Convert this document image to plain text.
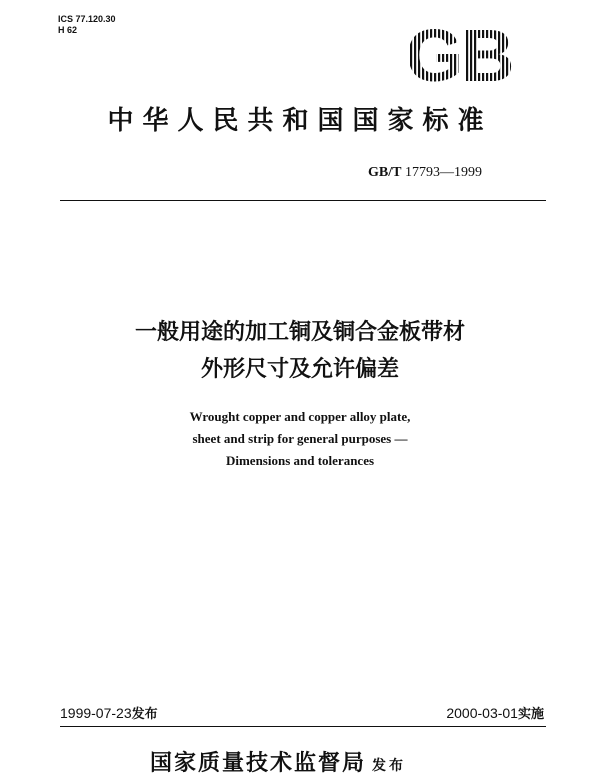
ICS 77.120.30
H 62
中华人民共和国国家标准
GB/T 17793—1999
一般用途的加工铜及铜合金板带材
外形尺寸及允许偏差
Wrought copper and copper alloy plate,
sheet and strip for general purposes —
Dimensions and tolerances
1999-07-23发布	2000-03-01实施
国家质量技术监督局 发布
